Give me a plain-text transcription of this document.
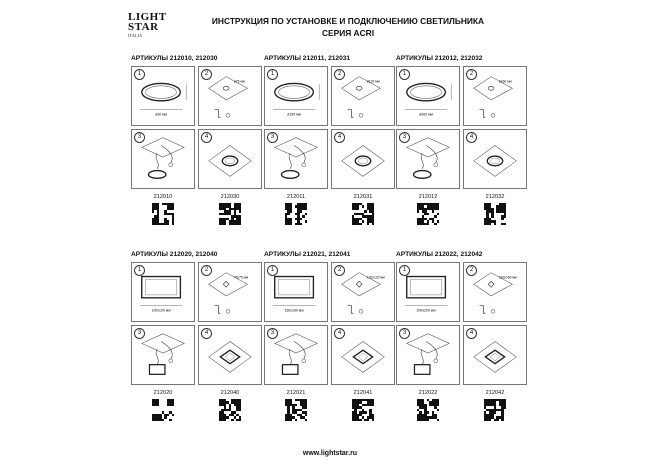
LIGHT
STAR
ITALIA
ИНСТРУКЦИЯ ПО УСТАНОВКЕ И ПОДКЛЮЧЕНИЮ СВЕТИЛЬНИКА
СЕРИЯ ACRI
АРТИКУЛЫ 212010, 212030
ø90 мм
1
ø75 мм
2
3	4
212010	212030
АРТИКУЛЫ 212011, 212031
ø150 мм
1
ø120 мм
2
3	4
212011	212031
АРТИКУЛЫ 212012, 212032
ø200 мм
1
ø160 мм
2
3	4
212012	212032
АРТИКУЛЫ 212020, 212040
100x100 мм
1
75x75 мм
2
3	4
212020	212040
АРТИКУЛЫ 212021, 212041
160x160 мм
1
120x120 мм
2
3	4
212021	212041
АРТИКУЛЫ 212022, 212042
200x200 мм
1
160x160 мм
2
3	4
212022	212042
www.lightstar.ru
